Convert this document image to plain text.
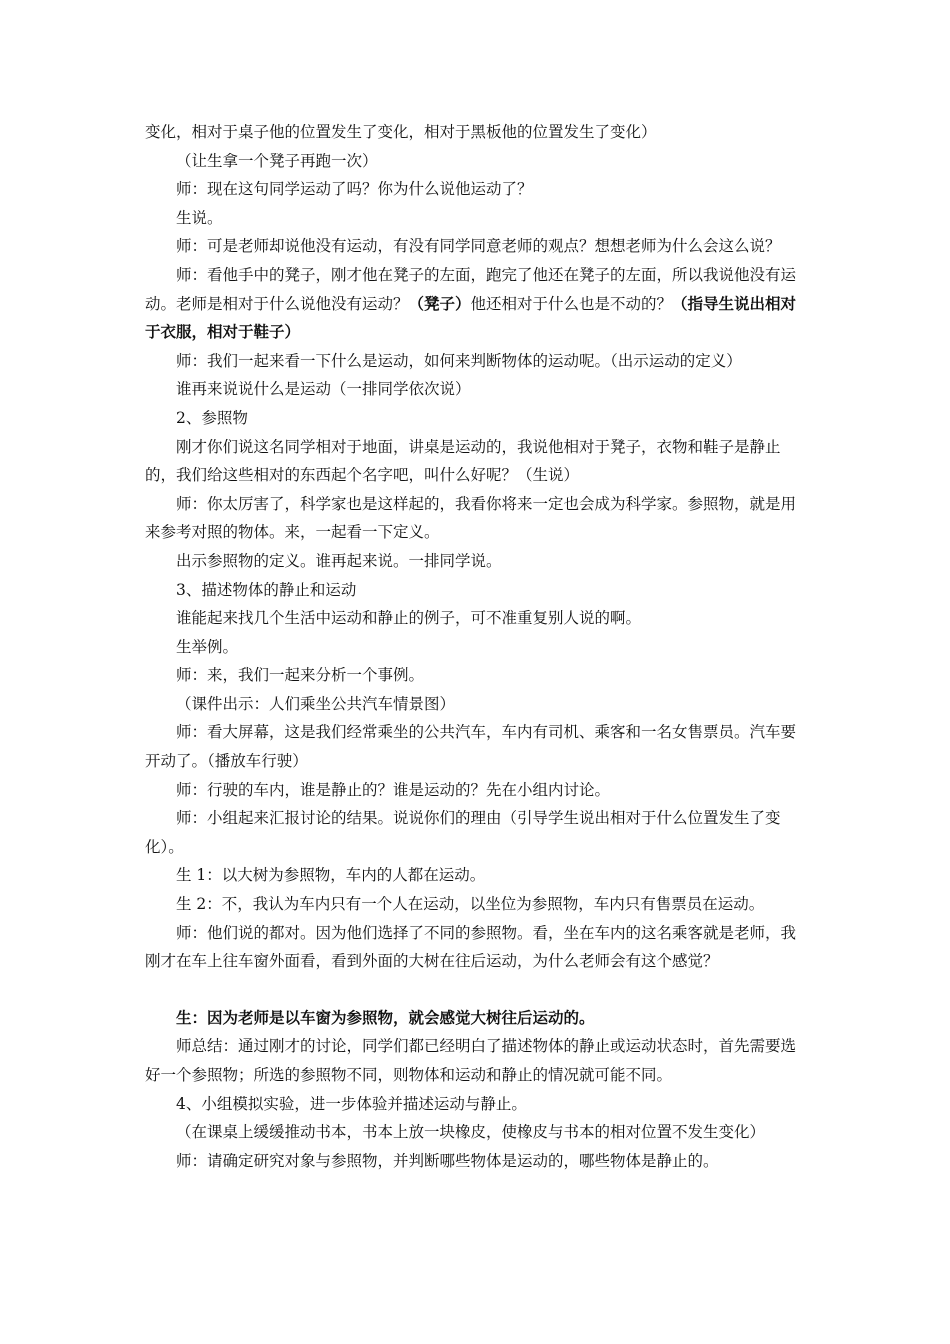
变化，相对于桌子他的位置发生了变化，相对于黑板他的位置发生了变化）

（让生拿一个凳子再跑一次）

师：现在这句同学运动了吗？你为什么说他运动了？

生说。

师：可是老师却说他没有运动，有没有同学同意老师的观点？想想老师为什么会这么说？

师：看他手中的凳子，刚才他在凳子的左面，跑完了他还在凳子的左面，所以我说他没有运动。老师是相对于什么说他没有运动？（凳子）他还相对于什么也是不动的？（指导生说出相对于衣服，相对于鞋子）

师：我们一起来看一下什么是运动，如何来判断物体的运动呢。（出示运动的定义）

谁再来说说什么是运动（一排同学依次说）

2、参照物

刚才你们说这名同学相对于地面，讲桌是运动的，我说他相对于凳子，衣物和鞋子是静止的，我们给这些相对的东西起个名字吧，叫什么好呢？（生说）

师：你太厉害了，科学家也是这样起的，我看你将来一定也会成为科学家。参照物，就是用来参考对照的物体。来，一起看一下定义。

出示参照物的定义。谁再起来说。一排同学说。

3、描述物体的静止和运动

谁能起来找几个生活中运动和静止的例子，可不准重复别人说的啊。

生举例。

师：来，我们一起来分析一个事例。

（课件出示：人们乘坐公共汽车情景图）

师：看大屏幕，这是我们经常乘坐的公共汽车，车内有司机、乘客和一名女售票员。汽车要开动了。（播放车行驶）

师：行驶的车内，谁是静止的？谁是运动的？先在小组内讨论。

师：小组起来汇报讨论的结果。说说你们的理由（引导学生说出相对于什么位置发生了变化）。

生 1：以大树为参照物，车内的人都在运动。

生 2：不，我认为车内只有一个人在运动，以坐位为参照物，车内只有售票员在运动。

师：他们说的都对。因为他们选择了不同的参照物。看，坐在车内的这名乘客就是老师，我刚才在车上往车窗外面看，看到外面的大树在往后运动，为什么老师会有这个感觉？

生：因为老师是以车窗为参照物，就会感觉大树往后运动的。

师总结：通过刚才的讨论，同学们都已经明白了描述物体的静止或运动状态时，首先需要选好一个参照物；所选的参照物不同，则物体和运动和静止的情况就可能不同。

4、小组模拟实验，进一步体验并描述运动与静止。

（在课桌上缓缓推动书本，书本上放一块橡皮，使橡皮与书本的相对位置不发生变化）

师：请确定研究对象与参照物，并判断哪些物体是运动的，哪些物体是静止的。
